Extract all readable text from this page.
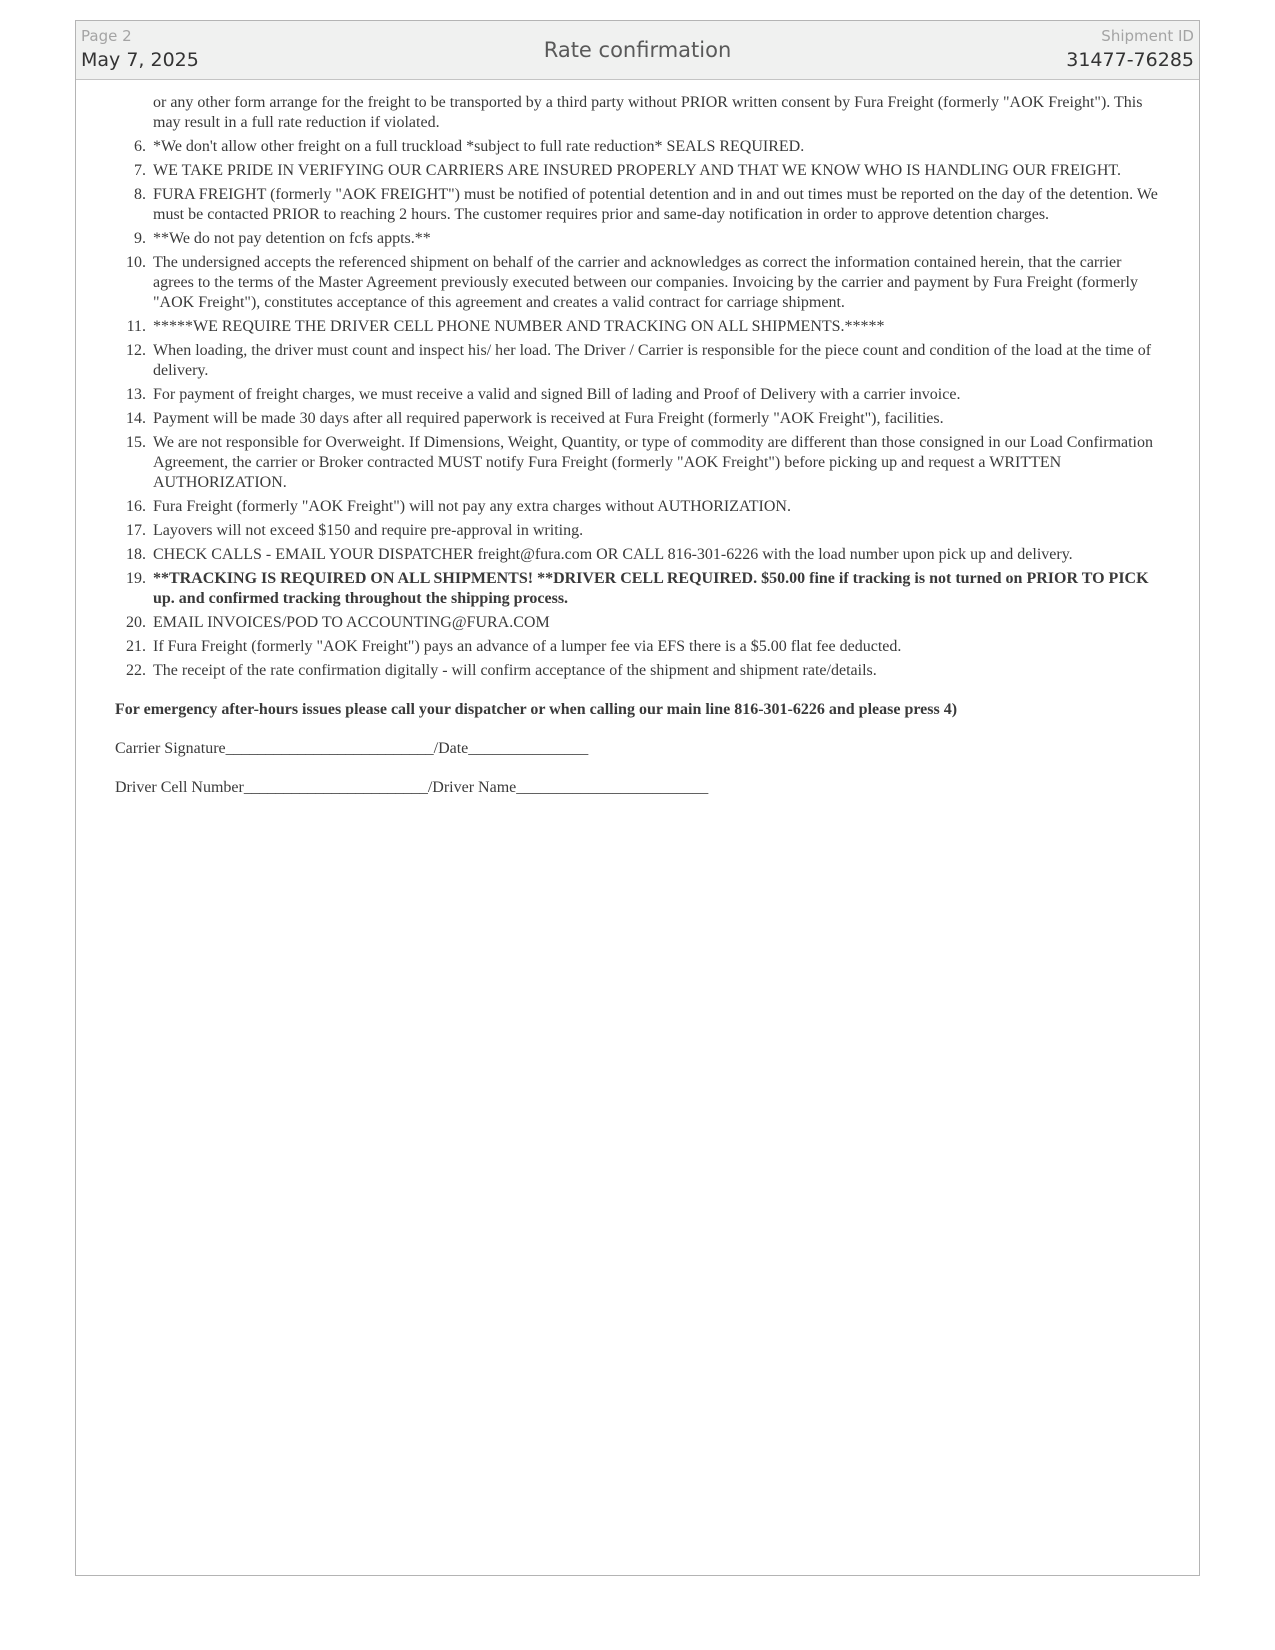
Page 2
May 7, 2025	Rate confirmation
Shipment ID
31477-76285
or any other form arrange for the freight to be transported by a third party without PRIOR written consent by Fura Freight (formerly "AOK Freight"). This may result in a full rate reduction if violated.
6. *We don't allow other freight on a full truckload *subject to full rate reduction* SEALS REQUIRED.
7. WE TAKE PRIDE IN VERIFYING OUR CARRIERS ARE INSURED PROPERLY AND THAT WE KNOW WHO IS HANDLING OUR FREIGHT.
8. FURA FREIGHT (formerly "AOK FREIGHT") must be notified of potential detention and in and out times must be reported on the day of the detention. We must be contacted PRIOR to reaching 2 hours. The customer requires prior and same-day notification in order to approve detention charges.
9. **We do not pay detention on fcfs appts.**
10. The undersigned accepts the referenced shipment on behalf of the carrier and acknowledges as correct the information contained herein, that the carrier agrees to the terms of the Master Agreement previously executed between our companies. Invoicing by the carrier and payment by Fura Freight (formerly "AOK Freight"), constitutes acceptance of this agreement and creates a valid contract for carriage shipment.
11. *****WE REQUIRE THE DRIVER CELL PHONE NUMBER AND TRACKING ON ALL SHIPMENTS.*****
12. When loading, the driver must count and inspect his/ her load. The Driver / Carrier is responsible for the piece count and condition of the load at the time of delivery.
13. For payment of freight charges, we must receive a valid and signed Bill of lading and Proof of Delivery with a carrier invoice.
14. Payment will be made 30 days after all required paperwork is received at Fura Freight (formerly "AOK Freight"), facilities.
15. We are not responsible for Overweight. If Dimensions, Weight, Quantity, or type of commodity are different than those consigned in our Load Confirmation Agreement, the carrier or Broker contracted MUST notify Fura Freight (formerly "AOK Freight") before picking up and request a WRITTEN AUTHORIZATION.
16. Fura Freight (formerly "AOK Freight") will not pay any extra charges without AUTHORIZATION.
17. Layovers will not exceed $150 and require pre-approval in writing.
18. CHECK CALLS - EMAIL YOUR DISPATCHER freight@fura.com OR CALL 816-301-6226 with the load number upon pick up and delivery.
19. **TRACKING IS REQUIRED ON ALL SHIPMENTS! **DRIVER CELL REQUIRED. $50.00 fine if tracking is not turned on PRIOR TO PICK up. and confirmed tracking throughout the shipping process.
20. EMAIL INVOICES/POD TO ACCOUNTING@FURA.COM
21. If Fura Freight (formerly "AOK Freight") pays an advance of a lumper fee via EFS there is a $5.00 flat fee deducted.
22. The receipt of the rate confirmation digitally - will confirm acceptance of the shipment and shipment rate/details.
For emergency after-hours issues please call your dispatcher or when calling our main line 816-301-6226 and please press 4)
Carrier Signature__________________________/Date_______________
Driver Cell Number_______________________/Driver Name________________________
